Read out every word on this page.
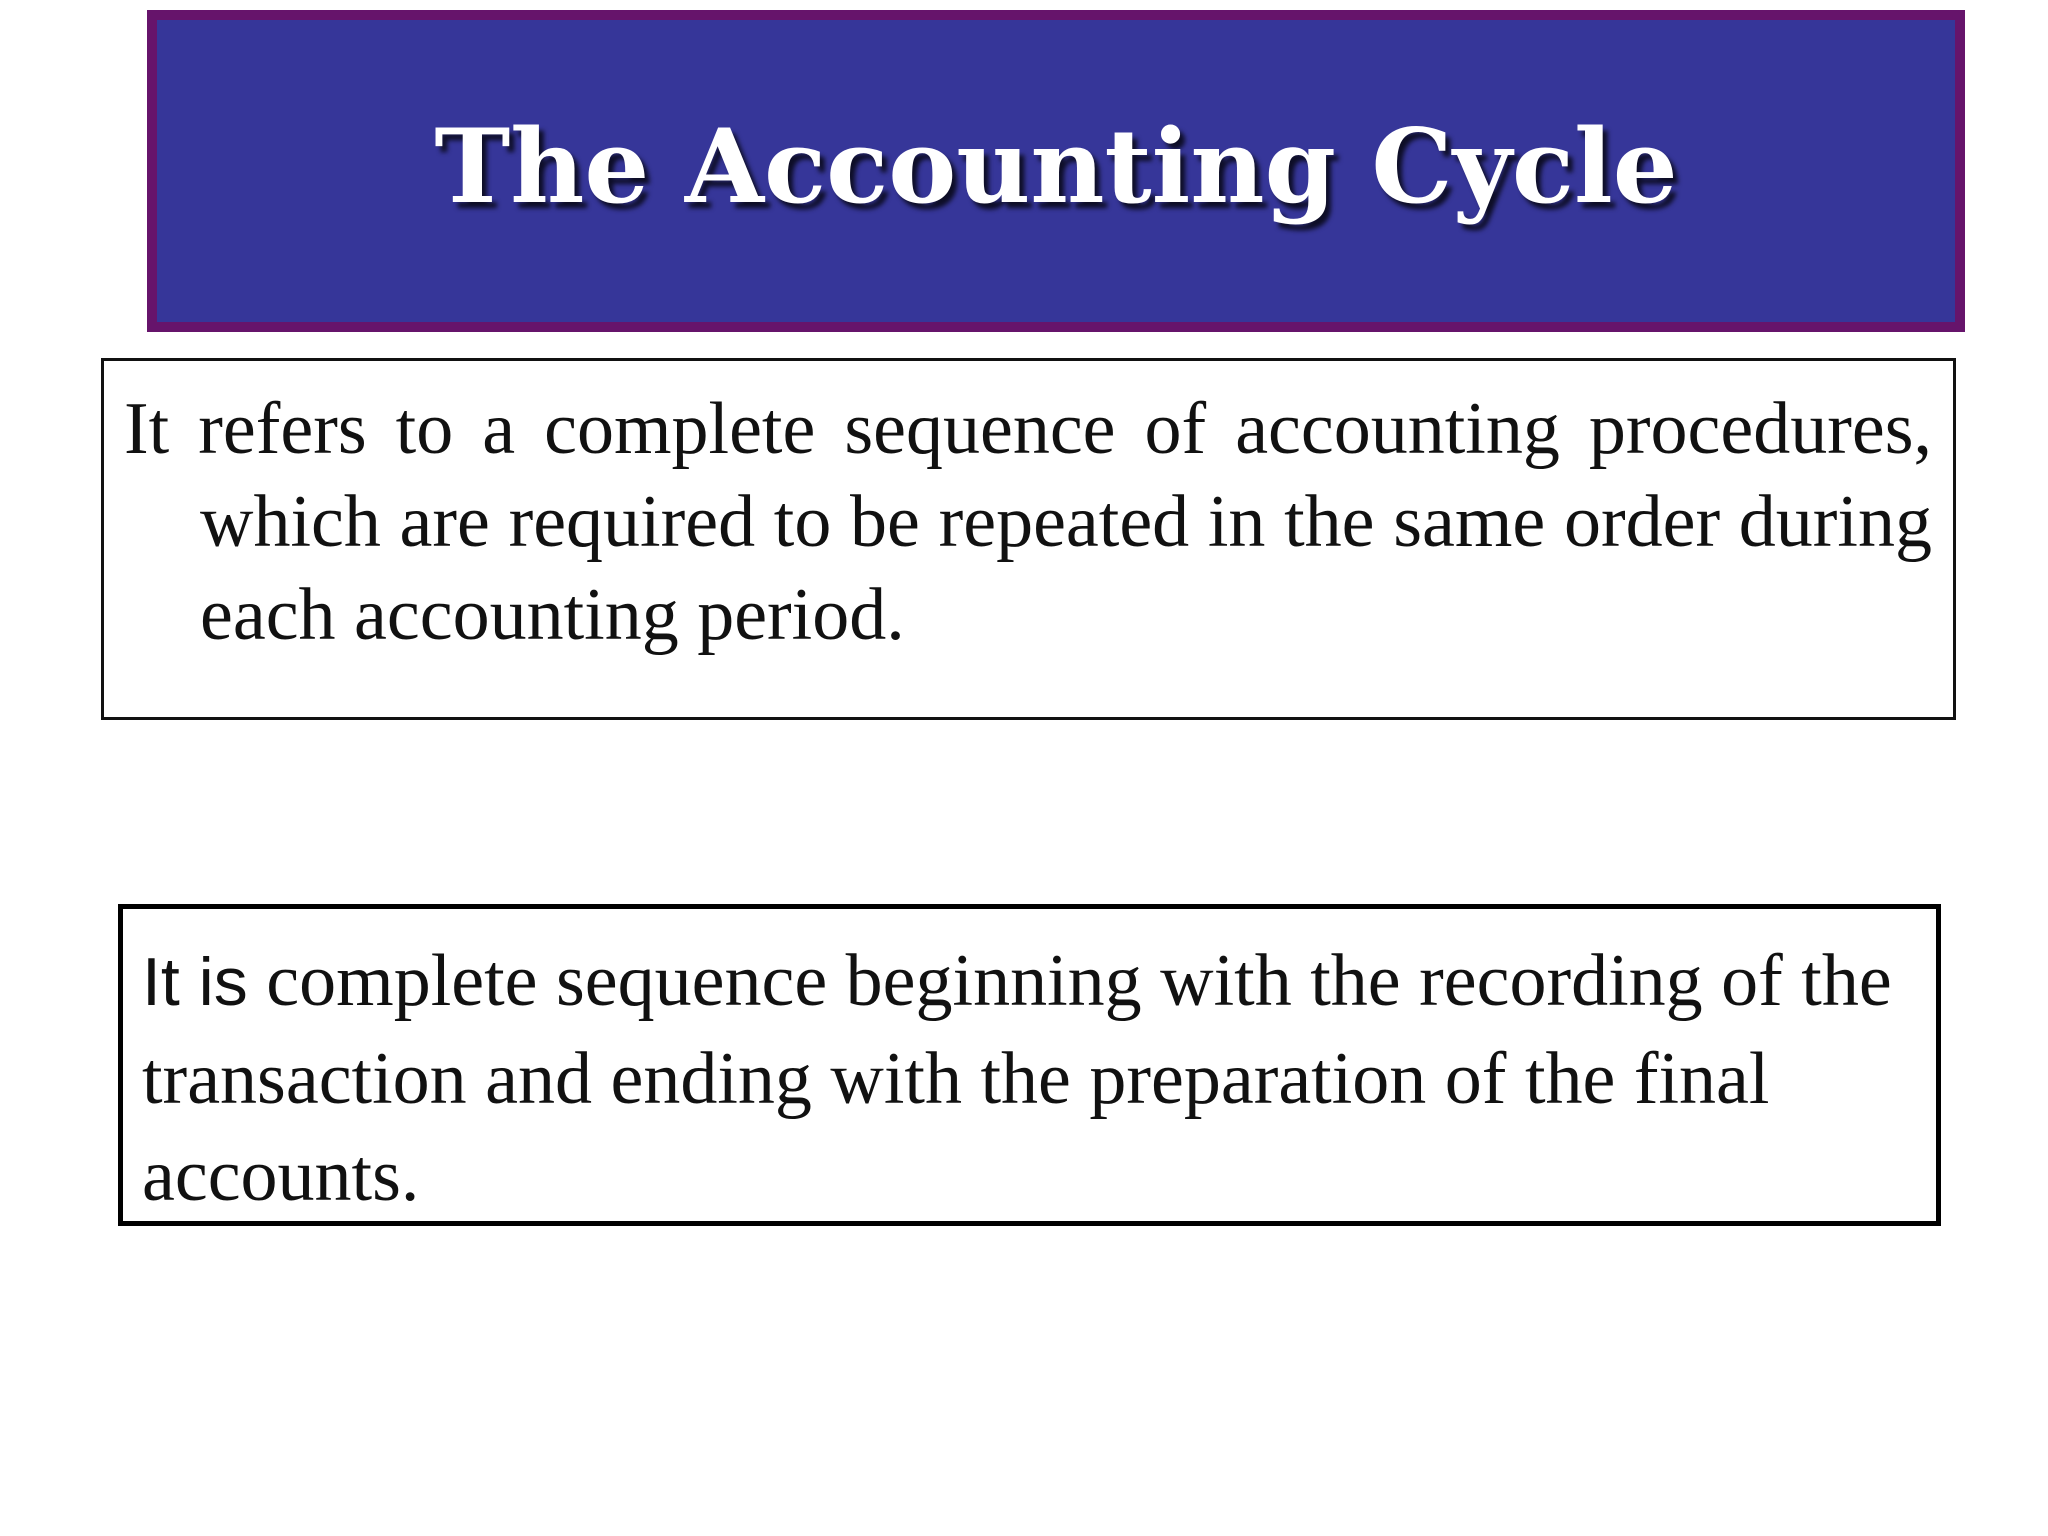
The Accounting Cycle

It refers to a complete sequence of accounting procedures, which are required to be repeated in the same order during each accounting period.

It is complete sequence beginning with the recording of the transaction and ending with the preparation of the final accounts.
